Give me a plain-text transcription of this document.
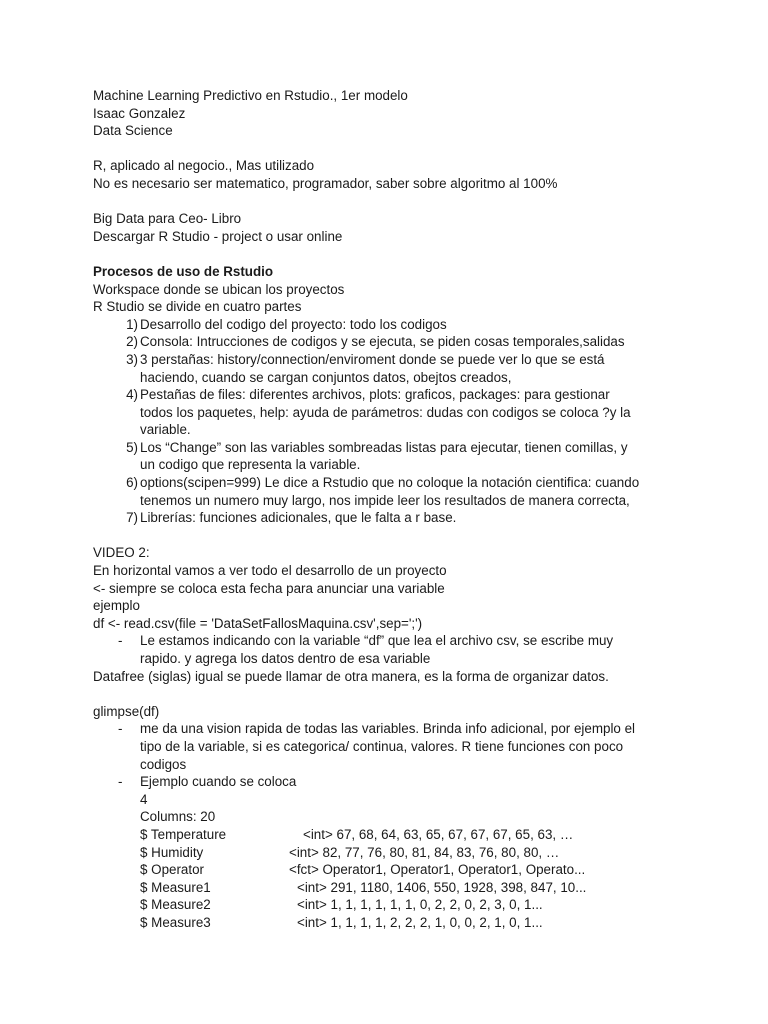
Machine Learning Predictivo en Rstudio., 1er modelo
Isaac Gonzalez
Data Science
R, aplicado al negocio., Mas utilizado
No es necesario ser matematico, programador, saber sobre algoritmo al 100%
Big Data para Ceo- Libro
Descargar R Studio - project o usar online
Procesos de uso de Rstudio
Workspace donde se ubican los proyectos
R Studio se divide en cuatro partes
1) Desarrollo del codigo del proyecto: todo los codigos
2) Consola: Intrucciones de codigos y se ejecuta, se piden cosas temporales,salidas
3) 3 perstañas: history/connection/enviroment donde se puede ver lo que se está
haciendo, cuando se cargan conjuntos datos, obejtos creados,
4) Pestañas de files: diferentes archivos, plots: graficos, packages: para gestionar
todos los paquetes, help: ayuda de parámetros: dudas con codigos se coloca ?y la
variable.
5) Los “Change” son las variables sombreadas listas para ejecutar, tienen comillas, y
un codigo que representa la variable.
6) options(scipen=999) Le dice a Rstudio que no coloque la notación cientifica: cuando
tenemos un numero muy largo, nos impide leer los resultados de manera correcta,
7) Librerías: funciones adicionales, que le falta a r base.
VIDEO 2:
En horizontal vamos a ver todo el desarrollo de un proyecto
<- siempre se coloca esta fecha para anunciar una variable
ejemplo
df <- read.csv(file = 'DataSetFallosMaquina.csv',sep=';')
- Le estamos indicando con la variable “df” que lea el archivo csv, se escribe muy
rapido. y agrega los datos dentro de esa variable
Datafree (siglas) igual se puede llamar de otra manera, es la forma de organizar datos.
glimpse(df)
- me da una vision rapida de todas las variables. Brinda info adicional, por ejemplo el
tipo de la variable, si es categorica/ continua, valores. R tiene funciones con poco
codigos
- Ejemplo cuando se coloca
4
Columns: 20
$ Temperature	<int> 67, 68, 64, 63, 65, 67, 67, 67, 65, 63, …
$ Humidity	<int> 82, 77, 76, 80, 81, 84, 83, 76, 80, 80, …
$ Operator	<fct> Operator1, Operator1, Operator1, Operato...
$ Measure1	<int> 291, 1180, 1406, 550, 1928, 398, 847, 10...
$ Measure2	<int> 1, 1, 1, 1, 1, 1, 0, 2, 2, 0, 2, 3, 0, 1...
$ Measure3	<int> 1, 1, 1, 1, 2, 2, 2, 1, 0, 0, 2, 1, 0, 1...
